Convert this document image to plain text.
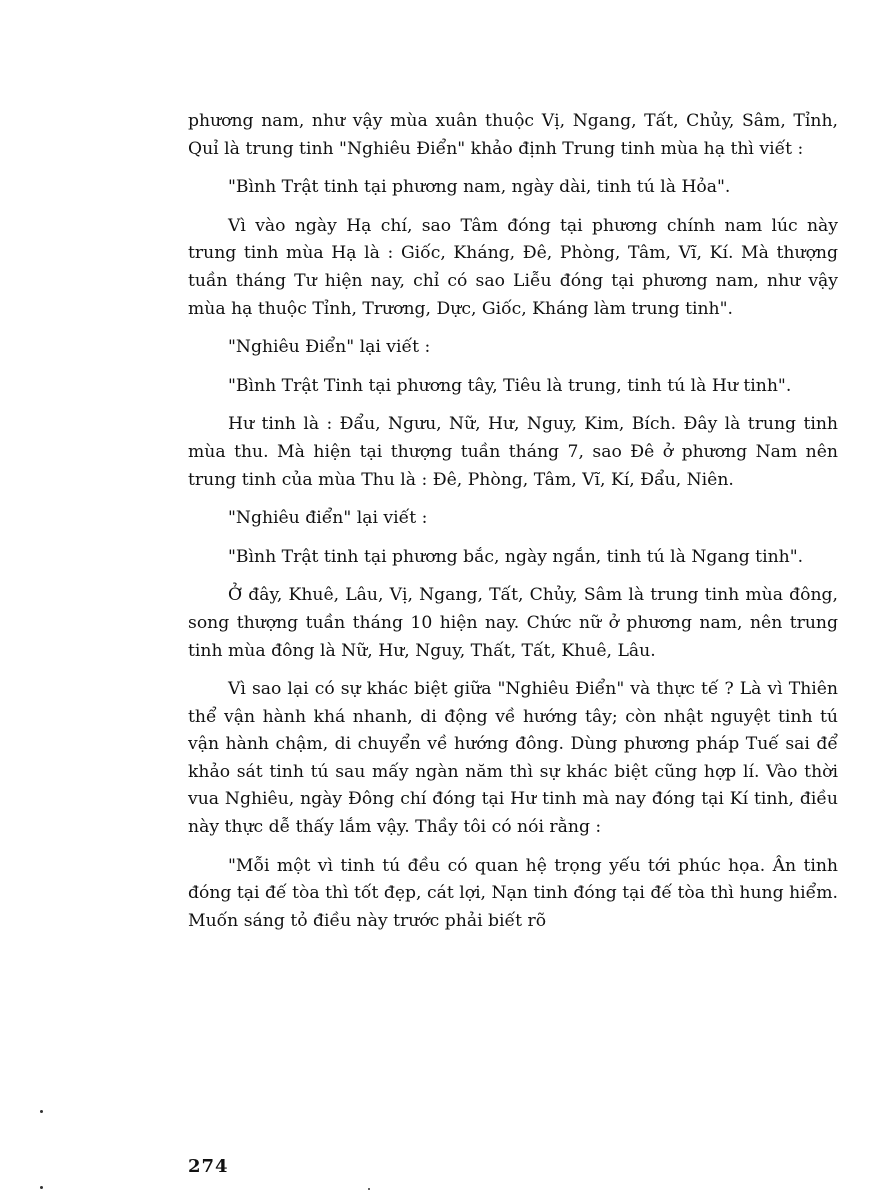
phương nam, như vậy mùa xuân thuộc Vị, Ngang, Tất, Chủy, Sâm, Tỉnh, Quỉ là trung tinh "Nghiêu Điển" khảo định Trung tinh mùa hạ thì viết :

"Bình Trật tinh tại phương nam, ngày dài, tinh tú là Hỏa".

Vì vào ngày Hạ chí, sao Tâm đóng tại phương chính nam lúc này trung tinh mùa Hạ là : Giốc, Kháng, Đê, Phòng, Tâm, Vĩ, Kí. Mà thượng tuần tháng Tư hiện nay, chỉ có sao Liễu đóng tại phương nam, như vậy mùa hạ thuộc Tỉnh, Trương, Dực, Giốc, Kháng làm trung tinh".

"Nghiêu Điển" lại viết :

"Bình Trật Tinh tại phương tây, Tiêu là trung, tinh tú là Hư tinh".

Hư tinh là : Đẩu, Ngưu, Nữ, Hư, Nguy, Kim, Bích. Đây là trung tinh mùa thu. Mà hiện tại thượng tuần tháng 7, sao Đê ở phương Nam nên trung tinh của mùa Thu là : Đê, Phòng, Tâm, Vĩ, Kí, Đẩu, Niên.

"Nghiêu điển" lại viết :

"Bình Trật tinh tại phương bắc, ngày ngắn, tinh tú là Ngang tinh".

Ở đây, Khuê, Lâu, Vị, Ngang, Tất, Chủy, Sâm là trung tinh mùa đông, song thượng tuần tháng 10 hiện nay. Chức nữ ở phương nam, nên trung tinh mùa đông là Nữ, Hư, Nguy, Thất, Tất, Khuê, Lâu.

Vì sao lại có sự khác biệt giữa "Nghiêu Điển" và thực tế ? Là vì Thiên thể vận hành khá nhanh, di động về hướng tây; còn nhật nguyệt tinh tú vận hành chậm, di chuyển về hướng đông. Dùng phương pháp Tuế sai để khảo sát tinh tú sau mấy ngàn năm thì sự khác biệt cũng hợp lí. Vào thời vua Nghiêu, ngày Đông chí đóng tại Hư tinh mà nay đóng tại Kí tinh, điều này thực dễ thấy lắm vậy. Thầy tôi có nói rằng :

"Mỗi một vì tinh tú đều có quan hệ trọng yếu tới phúc họa. Ân tinh đóng tại đế tòa thì tốt đẹp, cát lợi, Nạn tinh đóng tại đế tòa thì hung hiểm. Muốn sáng tỏ điều này trước phải biết rõ

274
